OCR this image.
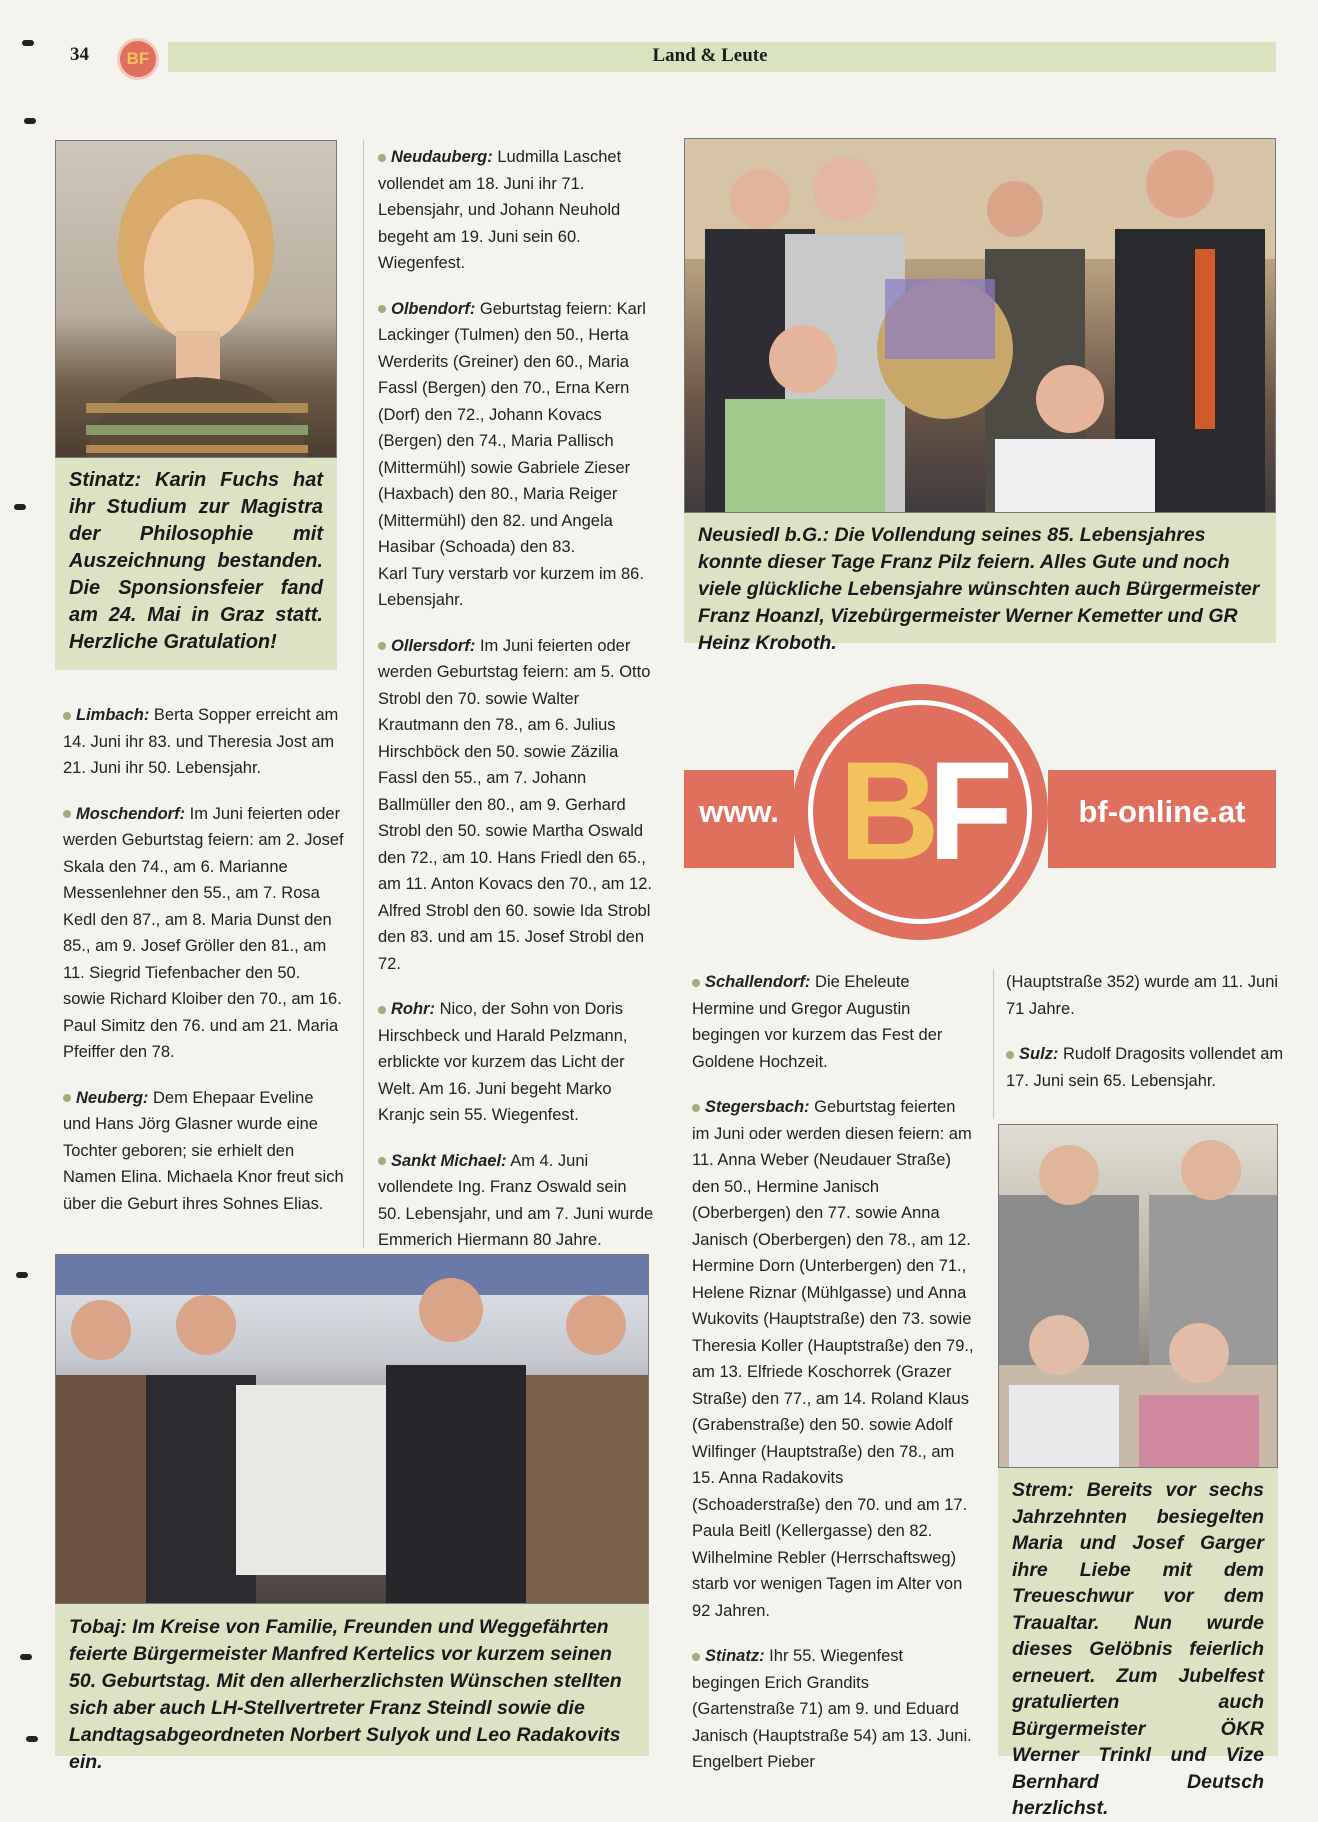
34	BF	Land & Leute
Stinatz: Karin Fuchs hat ihr Studium zur Magistra der Philosophie mit Auszeichnung bestanden. Die Sponsionsfeier fand am 24. Mai in Graz statt. Herzliche Gratulation!

Limbach: Berta Sopper erreicht am 14. Juni ihr 83. und Theresia Jost am 21. Juni ihr 50. Lebensjahr.

Moschendorf: Im Juni feierten oder werden Geburtstag feiern: am 2. Josef Skala den 74., am 6. Marianne Messenlehner den 55., am 7. Rosa Kedl den 87., am 8. Maria Dunst den 85., am 9. Josef Gröller den 81., am 11. Siegrid Tiefenbacher den 50. sowie Richard Kloiber den 70., am 16. Paul Simitz den 76. und am 21. Maria Pfeiffer den 78.

Neuberg: Dem Ehepaar Eveline und Hans Jörg Glasner wurde eine Tochter geboren; sie erhielt den Namen Elina. Michaela Knor freut sich über die Geburt ihres Sohnes Elias.

Neudauberg: Ludmilla Laschet vollendet am 18. Juni ihr 71. Lebensjahr, und Johann Neuhold begeht am 19. Juni sein 60. Wiegenfest.

Olbendorf: Geburtstag feiern: Karl Lackinger (Tulmen) den 50., Herta Werderits (Greiner) den 60., Maria Fassl (Bergen) den 70., Erna Kern (Dorf) den 72., Johann Kovacs (Bergen) den 74., Maria Pallisch (Mittermühl) sowie Gabriele Zieser (Haxbach) den 80., Maria Reiger (Mittermühl) den 82. und Angela Hasibar (Schoada) den 83.
Karl Tury verstarb vor kurzem im 86. Lebensjahr.

Ollersdorf: Im Juni feierten oder werden Geburtstag feiern: am 5. Otto Strobl den 70. sowie Walter Krautmann den 78., am 6. Julius Hirschböck den 50. sowie Zäzilia Fassl den 55., am 7. Johann Ballmüller den 80., am 9. Gerhard Strobl den 50. sowie Martha Oswald den 72., am 10. Hans Friedl den 65., am 11. Anton Kovacs den 70., am 12. Alfred Strobl den 60. sowie Ida Strobl den 83. und am 15. Josef Strobl den 72.

Rohr: Nico, der Sohn von Doris Hirschbeck und Harald Pelzmann, erblickte vor kurzem das Licht der Welt. Am 16. Juni begeht Marko Kranjc sein 55. Wiegenfest.

Sankt Michael: Am 4. Juni vollendete Ing. Franz Oswald sein 50. Lebensjahr, und am 7. Juni wurde Emmerich Hiermann 80 Jahre.

Neusiedl b.G.: Die Vollendung seines 85. Lebensjahres konnte dieser Tage Franz Pilz feiern. Alles Gute und noch viele glückliche Lebensjahre wünschten auch Bürgermeister Franz Hoanzl, Vizebürgermeister Werner Kemetter und GR Heinz Kroboth.
www.	bf-online.at
BF

Schallendorf: Die Eheleute Hermine und Gregor Augustin begingen vor kurzem das Fest der Goldene Hochzeit.

Stegersbach: Geburtstag feierten im Juni oder werden diesen feiern: am 11. Anna Weber (Neudauer Straße) den 50., Hermine Janisch (Oberbergen) den 77. sowie Anna Janisch (Oberbergen) den 78., am 12. Hermine Dorn (Unterbergen) den 71., Helene Riznar (Mühlgasse) und Anna Wukovits (Hauptstraße) den 73. sowie Theresia Koller (Hauptstraße) den 79., am 13. Elfriede Koschorrek (Grazer Straße) den 77., am 14. Roland Klaus (Grabenstraße) den 50. sowie Adolf Wilfinger (Hauptstraße) den 78., am 15. Anna Radakovits (Schoaderstraße) den 70. und am 17. Paula Beitl (Kellergasse) den 82.
Wilhelmine Rebler (Herrschaftsweg) starb vor wenigen Tagen im Alter von 92 Jahren.

Stinatz: Ihr 55. Wiegenfest begingen Erich Grandits (Gartenstraße 71) am 9. und Eduard Janisch (Hauptstraße 54) am 13. Juni. Engelbert Pieber

(Hauptstraße 352) wurde am 11. Juni 71 Jahre.

Sulz: Rudolf Dragosits vollendet am 17. Juni sein 65. Lebensjahr.

Strem: Bereits vor sechs Jahrzehnten besiegelten Maria und Josef Garger ihre Liebe mit dem Treueschwur vor dem Traualtar. Nun wurde dieses Gelöbnis feierlich erneuert. Zum Jubelfest gratulierten auch Bürgermeister ÖKR Werner Trinkl und Vize Bernhard Deutsch herzlichst.
Tobaj: Im Kreise von Familie, Freunden und Weggefährten feierte Bürgermeister Manfred Kertelics vor kurzem seinen 50. Geburtstag. Mit den allerherzlichsten Wünschen stellten sich aber auch LH-Stellvertreter Franz Steindl sowie die Landtagsabgeordneten Norbert Sulyok und Leo Radakovits ein.
